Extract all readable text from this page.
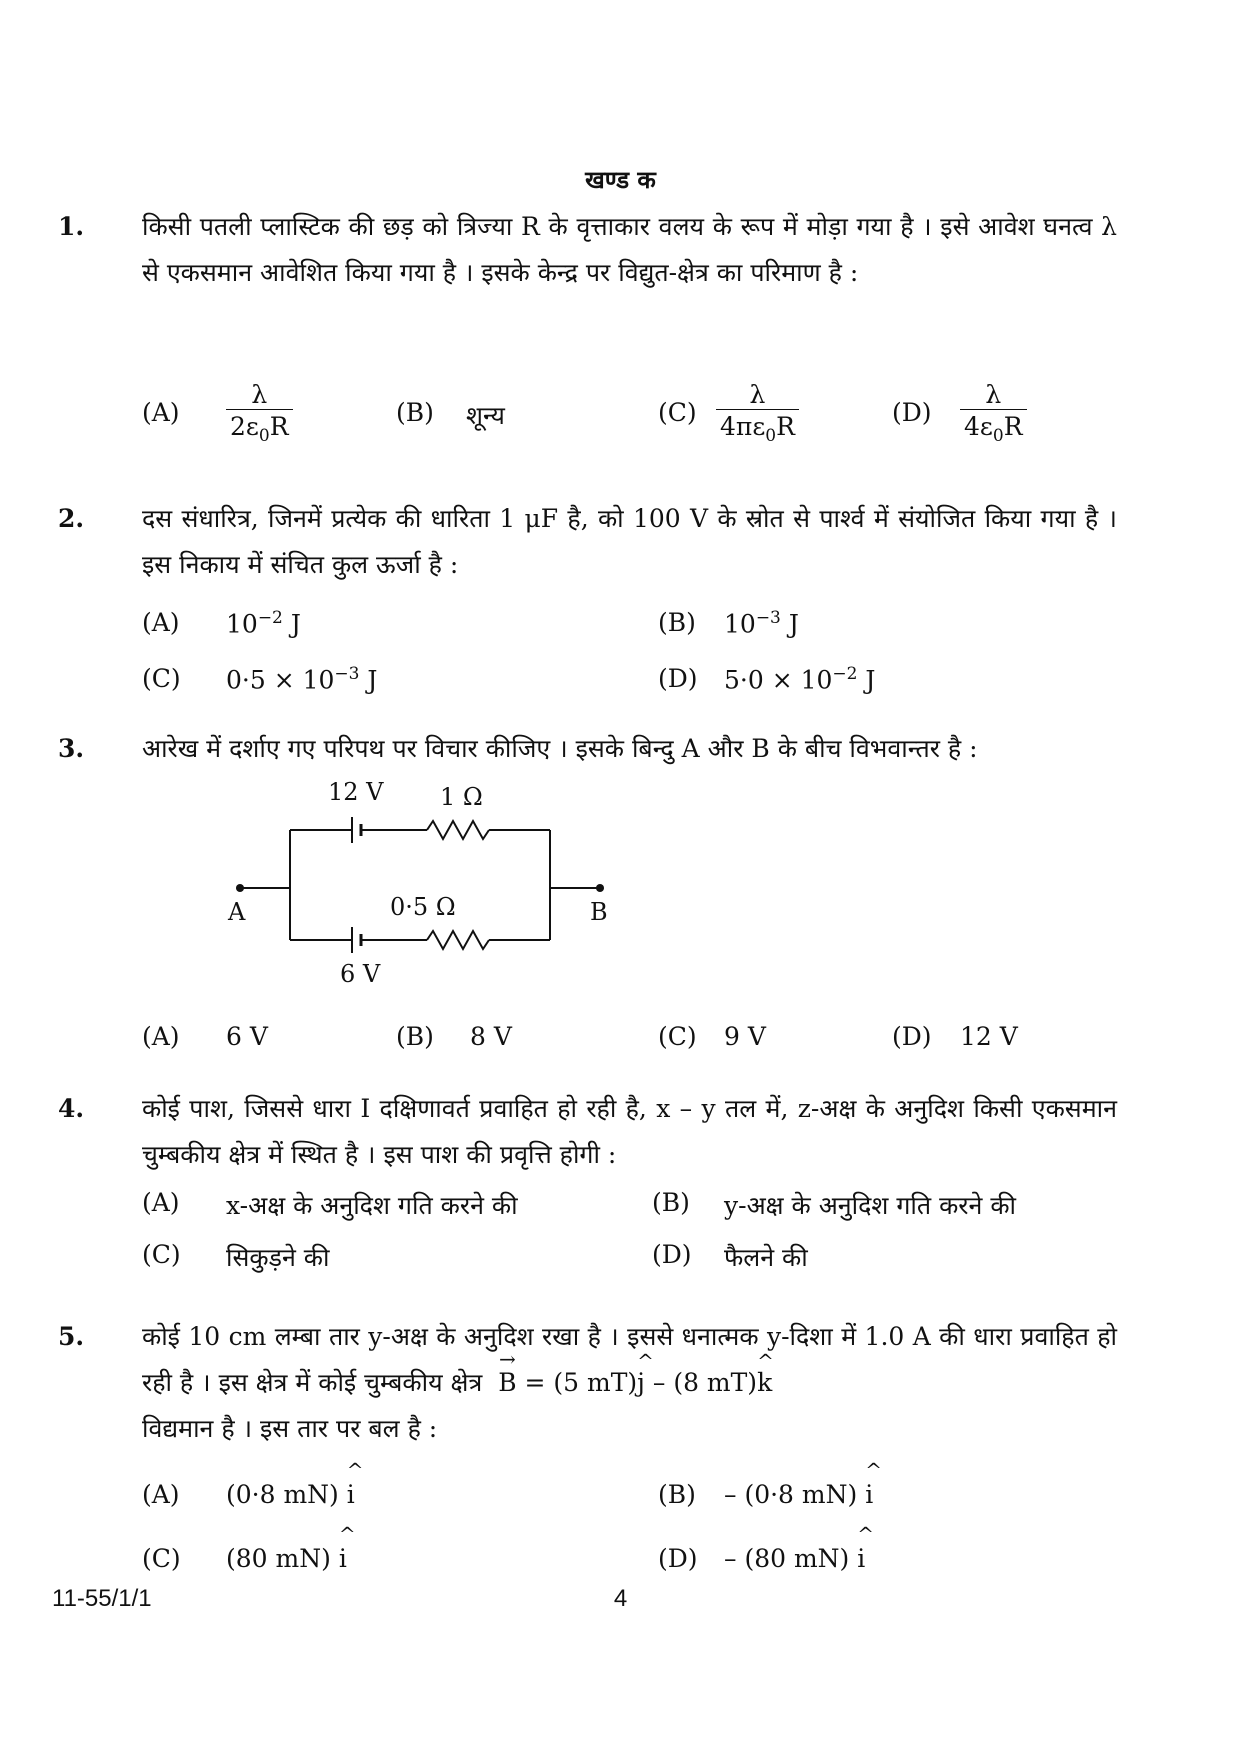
खण्ड क
1. किसी पतली प्लास्टिक की छड़ को त्रिज्या R के वृत्ताकार वलय के रूप में मोड़ा गया है । इसे आवेश घनत्व λ से एकसमान आवेशित किया गया है । इसके केन्द्र पर विद्युत-क्षेत्र का परिमाण है :
$(A) \frac{\lambda}{2\varepsilon_0R}$	(B) शून्य	$(C) \frac{\lambda}{4\pi\varepsilon_0R}$	$(D) \frac{\lambda}{4\varepsilon_0R}$
2. दस संधारित्र, जिनमें प्रत्येक की धारिता 1 μF है, को 100 V के स्रोत से पार्श्व में संयोजित किया गया है । इस निकाय में संचित कुल ऊर्जा है :
(A) $10^{-2}$ J	(B) $10^{-3}$ J
(C) $0\cdot 5 \times 10^{-3}$ J	(D) $5\cdot 0 \times 10^{-2}$ J
3. आरेख में दर्शाए गए परिपथ पर विचार कीजिए । इसके बिन्दु A और B के बीच विभवान्तर है :
12 V 1 Ω
0·5 Ω
6 V
A	B
(A) 6 V	(B) 8 V	(C) 9 V	(D) 12 V
4. कोई पाश, जिससे धारा I दक्षिणावर्त प्रवाहित हो रही है, x – y तल में, z-अक्ष के अनुदिश किसी एकसमान चुम्बकीय क्षेत्र में स्थित है । इस पाश की प्रवृत्ति होगी :
(A) x-अक्ष के अनुदिश गति करने की	(B) y-अक्ष के अनुदिश गति करने की
(C) सिकुड़ने की	(D) फैलने की
5. कोई 10 cm लम्बा तार y-अक्ष के अनुदिश रखा है । इससे धनात्मक y-दिशा में 1.0 A की धारा प्रवाहित हो रही है । इस क्षेत्र में कोई चुम्बकीय क्षेत्र → B = (5 mT)^ j – (8 mT)^ k
विद्यमान है । इस तार पर बल है :
(A) (0·8 mN) ^ i	(B) – (0·8 mN) ^ i
(C) (80 mN) ^ i	(D) – (80 mN) ^ i
11-55/1/1	4
